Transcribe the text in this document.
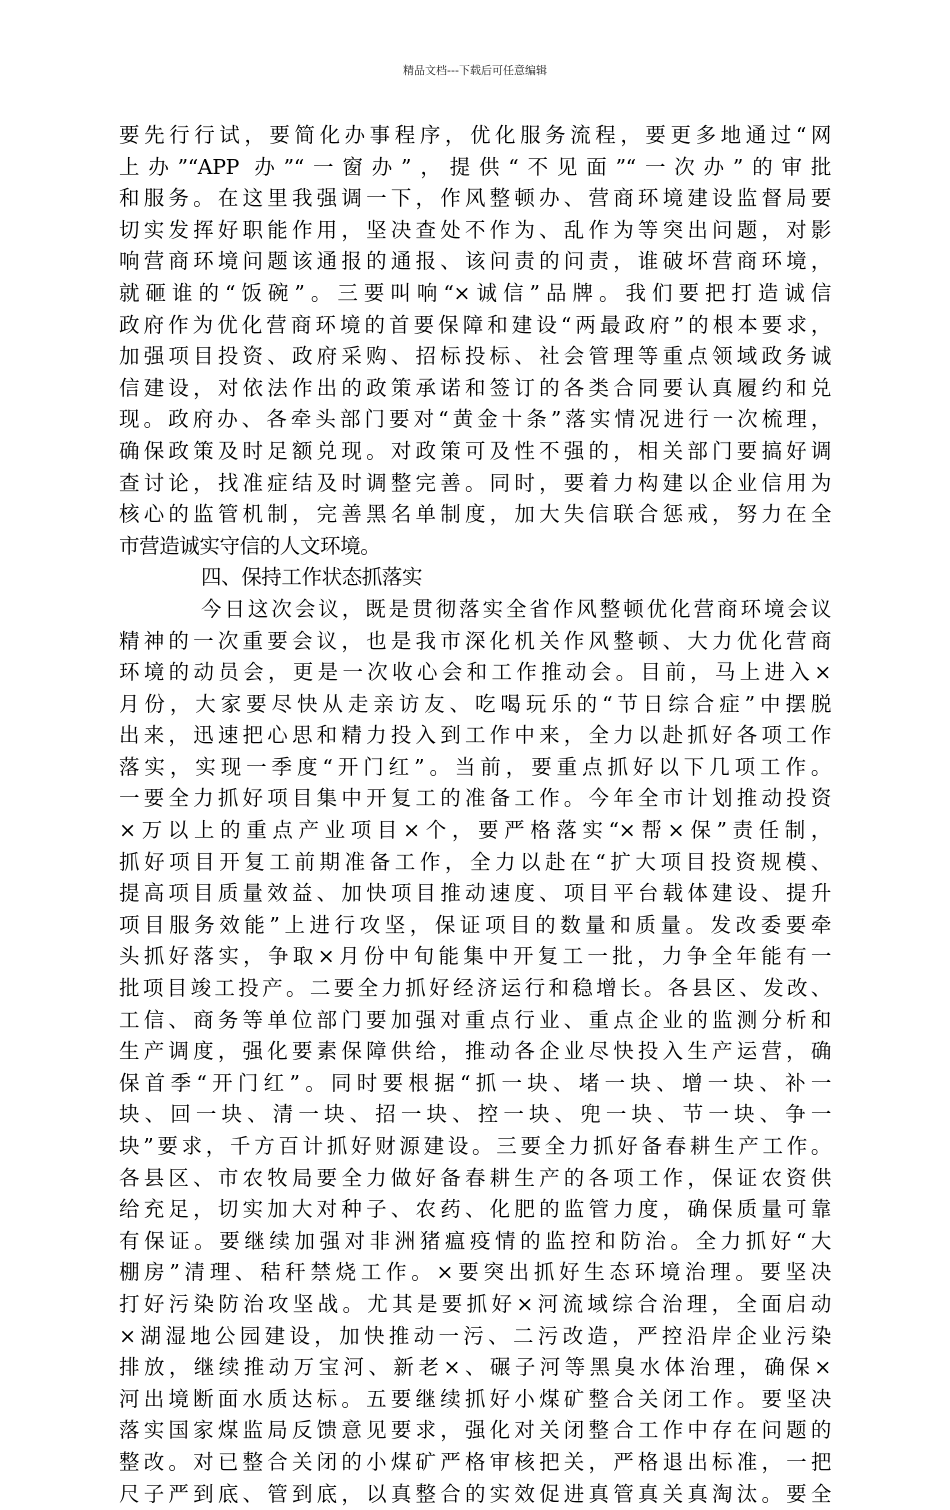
精品文档---下载后可任意编辑
要先行行试，要简化办事程序，优化服务流程，要更多地通过“网
上办”“APP 办”“一窗办”，提供“不见面”“一次办”的审批
和服务。在这里我强调一下，作风整顿办、营商环境建设监督局要
切实发挥好职能作用，坚决查处不作为、乱作为等突出问题，对影
响营商环境问题该通报的通报、该问责的问责，谁破坏营商环境，
就砸谁的“饭碗”。三要叫响“×诚信”品牌。我们要把打造诚信
政府作为优化营商环境的首要保障和建设“两最政府”的根本要求，
加强项目投资、政府采购、招标投标、社会管理等重点领域政务诚
信建设，对依法作出的政策承诺和签订的各类合同要认真履约和兑
现。政府办、各牵头部门要对“黄金十条”落实情况进行一次梳理，
确保政策及时足额兑现。对政策可及性不强的，相关部门要搞好调
查讨论，找准症结及时调整完善。同时，要着力构建以企业信用为
核心的监管机制，完善黑名单制度，加大失信联合惩戒，努力在全
市营造诚实守信的人文环境。
四、保持工作状态抓落实
今日这次会议，既是贯彻落实全省作风整顿优化营商环境会议
精神的一次重要会议，也是我市深化机关作风整顿、大力优化营商
环境的动员会，更是一次收心会和工作推动会。目前，马上进入×
月份，大家要尽快从走亲访友、吃喝玩乐的“节日综合症”中摆脱
出来，迅速把心思和精力投入到工作中来，全力以赴抓好各项工作
落实，实现一季度“开门红”。当前，要重点抓好以下几项工作。
一要全力抓好项目集中开复工的准备工作。今年全市计划推动投资
×万以上的重点产业项目×个，要严格落实“×帮×保”责任制，
抓好项目开复工前期准备工作，全力以赴在“扩大项目投资规模、
提高项目质量效益、加快项目推动速度、项目平台载体建设、提升
项目服务效能”上进行攻坚，保证项目的数量和质量。发改委要牵
头抓好落实，争取×月份中旬能集中开复工一批，力争全年能有一
批项目竣工投产。二要全力抓好经济运行和稳增长。各县区、发改、
工信、商务等单位部门要加强对重点行业、重点企业的监测分析和
生产调度，强化要素保障供给，推动各企业尽快投入生产运营，确
保首季“开门红”。同时要根据“抓一块、堵一块、增一块、补一
块、回一块、清一块、招一块、控一块、兜一块、节一块、争一
块”要求，千方百计抓好财源建设。三要全力抓好备春耕生产工作。
各县区、市农牧局要全力做好备春耕生产的各项工作，保证农资供
给充足，切实加大对种子、农药、化肥的监管力度，确保质量可靠
有保证。要继续加强对非洲猪瘟疫情的监控和防治。全力抓好“大
棚房”清理、秸秆禁烧工作。×要突出抓好生态环境治理。要坚决
打好污染防治攻坚战。尤其是要抓好×河流域综合治理，全面启动
×湖湿地公园建设，加快推动一污、二污改造，严控沿岸企业污染
排放，继续推动万宝河、新老×、碾子河等黑臭水体治理，确保×
河出境断面水质达标。五要继续抓好小煤矿整合关闭工作。要坚决
落实国家煤监局反馈意见要求，强化对关闭整合工作中存在问题的
整改。对已整合关闭的小煤矿严格审核把关，严格退出标准，一把
尺子严到底、管到底，以真整合的实效促进真管真关真淘汰。要全
